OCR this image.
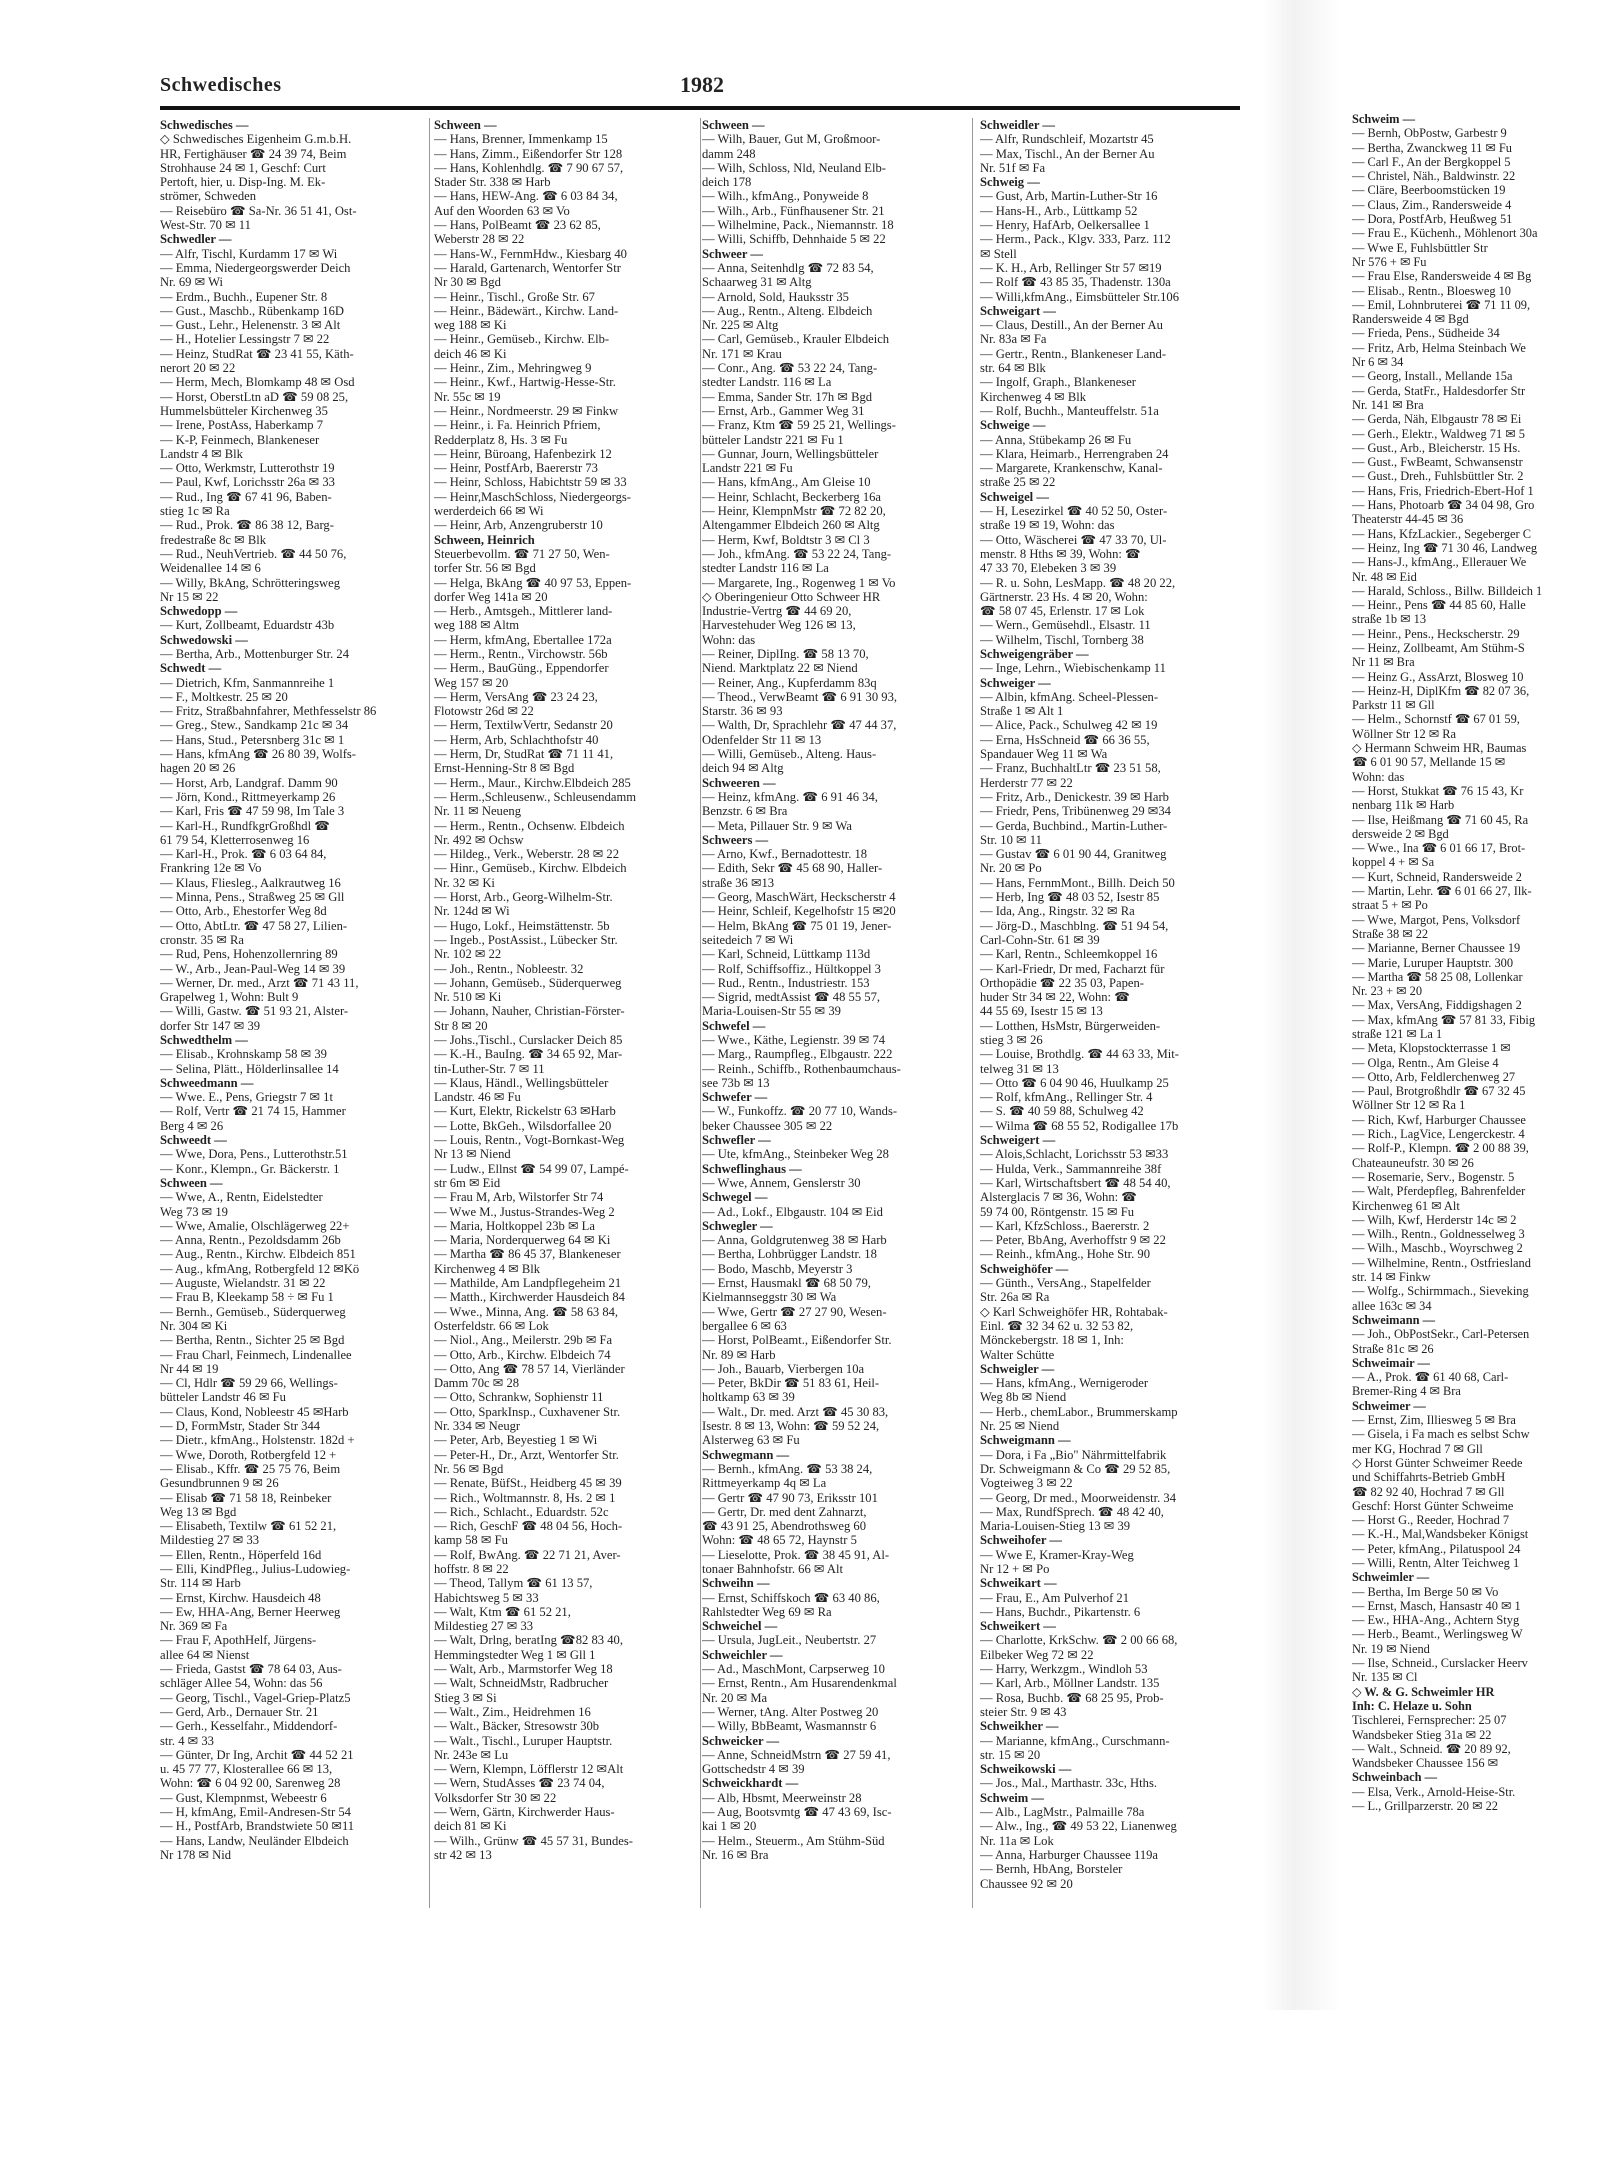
Schwedisches	1982
Schwedisches —
◇ Schwedisches Eigenheim G.m.b.H.
HR, Fertighäuser ☎ 24 39 74, Beim
Strohhause 24 ✉ 1, Geschf: Curt
Pertoft, hier, u. Disp-Ing. M. Ek-
strömer, Schweden
— Reisebüro ☎ Sa-Nr. 36 51 41, Ost-
West-Str. 70 ✉ 11
Schwedler —
— Alfr, Tischl, Kurdamm 17 ✉ Wi
— Emma, Niedergeorgswerder Deich
Nr. 69 ✉ Wi
— Erdm., Buchh., Eupener Str. 8
— Gust., Maschb., Rübenkamp 16D
— Gust., Lehr., Helenenstr. 3 ✉ Alt
— H., Hotelier Lessingstr 7 ✉ 22
— Heinz, StudRat ☎ 23 41 55, Käth-
nerort 20 ✉ 22
— Herm, Mech, Blomkamp 48 ✉ Osd
— Horst, OberstLtn aD ☎ 59 08 25,
Hummelsbütteler Kirchenweg 35
— Irene, PostAss, Haberkamp 7
— K-P, Feinmech, Blankeneser
Landstr 4 ✉ Blk
— Otto, Werkmstr, Lutterothstr 19
— Paul, Kwf, Lorichsstr 26a ✉ 33
— Rud., Ing ☎ 67 41 96, Baben-
stieg 1c ✉ Ra
— Rud., Prok. ☎ 86 38 12, Barg-
fredestraße 8c ✉ Blk
— Rud., NeuhVertrieb. ☎ 44 50 76,
Weidenallee 14 ✉ 6
— Willy, BkAng, Schrötteringsweg
Nr 15 ✉ 22
Schwedopp —
— Kurt, Zollbeamt, Eduardstr 43b
Schwedowski —
— Bertha, Arb., Mottenburger Str. 24
Schwedt —
— Dietrich, Kfm, Sanmannreihe 1
— F., Moltkestr. 25 ✉ 20
— Fritz, Straßbahnfahrer, Methfesselstr 86
— Greg., Stew., Sandkamp 21c ✉ 34
— Hans, Stud., Petersnberg 31c ✉ 1
— Hans, kfmAng ☎ 26 80 39, Wolfs-
hagen 20 ✉ 26
— Horst, Arb, Landgraf. Damm 90
— Jörn, Kond., Rittmeyerkamp 26
— Karl, Fris ☎ 47 59 98, Im Tale 3
— Karl-H., RundfkgrGroßhdl ☎
61 79 54, Kletterrosenweg 16
— Karl-H., Prok. ☎ 6 03 64 84,
Frankring 12e ✉ Vo
— Klaus, Fliesleg., Aalkrautweg 16
— Minna, Pens., Straßweg 25 ✉ Gll
— Otto, Arb., Ehestorfer Weg 8d
— Otto, AbtLtr. ☎ 47 58 27, Lilien-
cronstr. 35 ✉ Ra
— Rud, Pens, Hohenzollernring 89
— W., Arb., Jean-Paul-Weg 14 ✉ 39
— Werner, Dr. med., Arzt ☎ 71 43 11,
Grapelweg 1, Wohn: Bult 9
— Willi, Gastw. ☎ 51 93 21, Alster-
dorfer Str 147 ✉ 39
Schwedthelm —
— Elisab., Krohnskamp 58 ✉ 39
— Selina, Plätt., Hölderlinsallee 14
Schweedmann —
— Wwe. E., Pens, Griegstr 7 ✉ 1t
— Rolf, Vertr ☎ 21 74 15, Hammer
Berg 4 ✉ 26
Schweedt —
— Wwe, Dora, Pens., Lutterothstr.51
— Konr., Klempn., Gr. Bäckerstr. 1
Schween —
— Wwe, A., Rentn, Eidelstedter
Weg 73 ✉ 19
— Wwe, Amalie, Olschlägerweg 22+
— Anna, Rentn., Pezoldsdamm 26b
— Aug., Rentn., Kirchw. Elbdeich 851
— Aug., kfmAng, Rotbergfeld 12 ✉Kö
— Auguste, Wielandstr. 31 ✉ 22
— Frau B, Kleekamp 58 ÷ ✉ Fu 1
— Bernh., Gemüseb., Süderquerweg
Nr. 304 ✉ Ki
— Bertha, Rentn., Sichter 25 ✉ Bgd
— Frau Charl, Feinmech, Lindenallee
Nr 44 ✉ 19
— Cl, Hdlr ☎ 59 29 66, Wellings-
bütteler Landstr 46 ✉ Fu
— Claus, Kond, Nobleestr 45 ✉Harb
— D, FormMstr, Stader Str 344
— Dietr., kfmAng., Holstenstr. 182d +
— Wwe, Doroth, Rotbergfeld 12 +
— Elisab., Kffr. ☎ 25 75 76, Beim
Gesundbrunnen 9 ✉ 26
— Elisab ☎ 71 58 18, Reinbeker
Weg 13 ✉ Bgd
— Elisabeth, Textilw ☎ 61 52 21,
Mildestieg 27 ✉ 33
— Ellen, Rentn., Höperfeld 16d
— Elli, KindPfleg., Julius-Ludowieg-
Str. 114 ✉ Harb
— Ernst, Kirchw. Hausdeich 48
— Ew, HHA-Ang, Berner Heerweg
Nr. 369 ✉ Fa
— Frau F, ApothHelf, Jürgens-
allee 64 ✉ Nienst
— Frieda, Gastst ☎ 78 64 03, Aus-
schläger Allee 54, Wohn: das 56
— Georg, Tischl., Vagel-Griep-Platz5
— Gerd, Arb., Dernauer Str. 21
— Gerh., Kesselfahr., Middendorf-
str. 4 ✉ 33
— Günter, Dr Ing, Archit ☎ 44 52 21
u. 45 77 77, Klosterallee 66 ✉ 13,
Wohn: ☎ 6 04 92 00, Sarenweg 28
— Gust, Klempnmst, Webeestr 6
— H, kfmAng, Emil-Andresen-Str 54
— H., PostfArb, Brandstwiete 50 ✉11
— Hans, Landw, Neuländer Elbdeich
Nr 178 ✉ Nid
Schween —
— Hans, Brenner, Immenkamp 15
— Hans, Zimm., Eißendorfer Str 128
— Hans, Kohlenhdlg. ☎ 7 90 67 57,
Stader Str. 338 ✉ Harb
— Hans, HEW-Ang. ☎ 6 03 84 34,
Auf den Woorden 63 ✉ Vo
— Hans, PolBeamt ☎ 23 62 85,
Weberstr 28 ✉ 22
— Hans-W., FernmHdw., Kiesbarg 40
— Harald, Gartenarch, Wentorfer Str
Nr 30 ✉ Bgd
— Heinr., Tischl., Große Str. 67
— Heinr., Bädewärt., Kirchw. Land-
weg 188 ✉ Ki
— Heinr., Gemüseb., Kirchw. Elb-
deich 46 ✉ Ki
— Heinr., Zim., Mehringweg 9
— Heinr., Kwf., Hartwig-Hesse-Str.
Nr. 55c ✉ 19
— Heinr., Nordmeerstr. 29 ✉ Finkw
— Heinr., i. Fa. Heinrich Pfriem,
Redderplatz 8, Hs. 3 ✉ Fu
— Heinr, Büroang, Hafenbezirk 12
— Heinr, PostfArb, Baererstr 73
— Heinr, Schloss, Habichtstr 59 ✉ 33
— Heinr,MaschSchloss, Niedergeorgs-
werderdeich 66 ✉ Wi
— Heinr, Arb, Anzengruberstr 10
Schween, Heinrich
Steuerbevollm. ☎ 71 27 50, Wen-
torfer Str. 56 ✉ Bgd
— Helga, BkAng ☎ 40 97 53, Eppen-
dorfer Weg 141a ✉ 20
— Herb., Amtsgeh., Mittlerer land-
weg 188 ✉ Altm
— Herm, kfmAng, Ebertallee 172a
— Herm., Rentn., Virchowstr. 56b
— Herm., BauGüng., Eppendorfer
Weg 157 ✉ 20
— Herm, VersAng ☎ 23 24 23,
Flotowstr 26d ✉ 22
— Herm, TextilwVertr, Sedanstr 20
— Herm, Arb, Schlachthofstr 40
— Herm, Dr, StudRat ☎ 71 11 41,
Ernst-Henning-Str 8 ✉ Bgd
— Herm., Maur., Kirchw.Elbdeich 285
— Herm.,Schleusenw., Schleusendamm
Nr. 11 ✉ Neueng
— Herm., Rentn., Ochsenw. Elbdeich
Nr. 492 ✉ Ochsw
— Hildeg., Verk., Weberstr. 28 ✉ 22
— Hinr., Gemüseb., Kirchw. Elbdeich
Nr. 32 ✉ Ki
— Horst, Arb., Georg-Wilhelm-Str.
Nr. 124d ✉ Wi
— Hugo, Lokf., Heimstättenstr. 5b
— Ingeb., PostAssist., Lübecker Str.
Nr. 102 ✉ 22
— Joh., Rentn., Nobleestr. 32
— Johann, Gemüseb., Süderquerweg
Nr. 510 ✉ Ki
— Johann, Nauher, Christian-Förster-
Str 8 ✉ 20
— Johs.,Tischl., Curslacker Deich 85
— K.-H., BauIng. ☎ 34 65 92, Mar-
tin-Luther-Str. 7 ✉ 11
— Klaus, Händl., Wellingsbütteler
Landstr. 46 ✉ Fu
— Kurt, Elektr, Rickelstr 63 ✉Harb
— Lotte, BkGeh., Wilsdorfallee 20
— Louis, Rentn., Vogt-Bornkast-Weg
Nr 13 ✉ Niend
— Ludw., Ellnst ☎ 54 99 07, Lampé-
str 6m ✉ Eid
— Frau M, Arb, Wilstorfer Str 74
— Wwe M., Justus-Strandes-Weg 2
— Maria, Holtkoppel 23b ✉ La
— Maria, Norderquerweg 64 ✉ Ki
— Martha ☎ 86 45 37, Blankeneser
Kirchenweg 4 ✉ Blk
— Mathilde, Am Landpflegeheim 21
— Matth., Kirchwerder Hausdeich 84
— Wwe., Minna, Ang. ☎ 58 63 84,
Osterfeldstr. 66 ✉ Lok
— Niol., Ang., Meilerstr. 29b ✉ Fa
— Otto, Arb., Kirchw. Elbdeich 74
— Otto, Ang ☎ 78 57 14, Vierländer
Damm 70c ✉ 28
— Otto, Schrankw, Sophienstr 11
— Otto, SparkInsp., Cuxhavener Str.
Nr. 334 ✉ Neugr
— Peter, Arb, Beyestieg 1 ✉ Wi
— Peter-H., Dr., Arzt, Wentorfer Str.
Nr. 56 ✉ Bgd
— Renate, BüfSt., Heidberg 45 ✉ 39
— Rich., Woltmannstr. 8, Hs. 2 ✉ 1
— Rich., Schlacht., Eduardstr. 52c
— Rich, GeschF ☎ 48 04 56, Hoch-
kamp 58 ✉ Fu
— Rolf, BwAng. ☎ 22 71 21, Aver-
hoffstr. 8 ✉ 22
— Theod, Tallym ☎ 61 13 57,
Habichtsweg 5 ✉ 33
— Walt, Ktm ☎ 61 52 21,
Mildestieg 27 ✉ 33
— Walt, Drlng, beratIng ☎82 83 40,
Hemmingstedter Weg 1 ✉ Gll 1
— Walt, Arb., Marmstorfer Weg 18
— Walt, SchneidMstr, Radbrucher
Stieg 3 ✉ Si
— Walt., Zim., Heidrehmen 16
— Walt., Bäcker, Stresowstr 30b
— Walt., Tischl., Luruper Hauptstr.
Nr. 243e ✉ Lu
— Wern, Klempn, Löfflerstr 12 ✉Alt
— Wern, StudAsses ☎ 23 74 04,
Volksdorfer Str 30 ✉ 22
— Wern, Gärtn, Kirchwerder Haus-
deich 81 ✉ Ki
— Wilh., Grünw ☎ 45 57 31, Bundes-
str 42 ✉ 13
Schween —
— Wilh, Bauer, Gut M, Großmoor-
damm 248
— Wilh, Schloss, Nld, Neuland Elb-
deich 178
— Wilh., kfmAng., Ponyweide 8
— Wilh., Arb., Fünfhausener Str. 21
— Wilhelmine, Pack., Niemannstr. 18
— Willi, Schiffb, Dehnhaide 5 ✉ 22
Schweer —
— Anna, Seitenhdlg ☎ 72 83 54,
Schaarweg 31 ✉ Altg
— Arnold, Sold, Hauksstr 35
— Aug., Rentn., Alteng. Elbdeich
Nr. 225 ✉ Altg
— Carl, Gemüseb., Krauler Elbdeich
Nr. 171 ✉ Krau
— Conr., Ang. ☎ 53 22 24, Tang-
stedter Landstr. 116 ✉ La
— Emma, Sander Str. 17h ✉ Bgd
— Ernst, Arb., Gammer Weg 31
— Franz, Ktm ☎ 59 25 21, Wellings-
bütteler Landstr 221 ✉ Fu 1
— Gunnar, Journ, Wellingsbütteler
Landstr 221 ✉ Fu
— Hans, kfmAng., Am Gleise 10
— Heinr, Schlacht, Beckerberg 16a
— Heinr, KlempnMstr ☎ 72 82 20,
Altengammer Elbdeich 260 ✉ Altg
— Herm, Kwf, Boldtstr 3 ✉ Cl 3
— Joh., kfmAng. ☎ 53 22 24, Tang-
stedter Landstr 116 ✉ La
— Margarete, Ing., Rogenweg 1 ✉ Vo
◇ Oberingenieur Otto Schweer HR
Industrie-Vertrg ☎ 44 69 20,
Harvestehuder Weg 126 ✉ 13,
Wohn: das
— Reiner, DiplIng. ☎ 58 13 70,
Niend. Marktplatz 22 ✉ Niend
— Reiner, Ang., Kupferdamm 83q
— Theod., VerwBeamt ☎ 6 91 30 93,
Starstr. 36 ✉ 93
— Walth, Dr, Sprachlehr ☎ 47 44 37,
Odenfelder Str 11 ✉ 13
— Willi, Gemüseb., Alteng. Haus-
deich 94 ✉ Altg
Schweeren —
— Heinz, kfmAng. ☎ 6 91 46 34,
Benzstr. 6 ✉ Bra
— Meta, Pillauer Str. 9 ✉ Wa
Schweers —
— Arno, Kwf., Bernadottestr. 18
— Edith, Sekr ☎ 45 68 90, Haller-
straße 36 ✉13
— Georg, MaschWärt, Heckscherstr 4
— Heinr, Schleif, Kegelhofstr 15 ✉20
— Helm, BkAng ☎ 75 01 19, Jener-
seitedeich 7 ✉ Wi
— Karl, Schneid, Lüttkamp 113d
— Rolf, Schiffsoffiz., Hültkoppel 3
— Rud., Rentn., Industriestr. 153
— Sigrid, medtAssist ☎ 48 55 57,
Maria-Louisen-Str 55 ✉ 39
Schwefel —
— Wwe., Käthe, Legienstr. 39 ✉ 74
— Marg., Raumpfleg., Elbgaustr. 222
— Reinh., Schiffb., Rothenbaumchaus-
see 73b ✉ 13
Schwefer —
— W., Funkoffz. ☎ 20 77 10, Wands-
beker Chaussee 305 ✉ 22
Schwefler —
— Ute, kfmAng., Steinbeker Weg 28
Schweflinghaus —
— Wwe, Annem, Genslerstr 30
Schwegel —
— Ad., Lokf., Elbgaustr. 104 ✉ Eid
Schwegler —
— Anna, Goldgrutenweg 38 ✉ Harb
— Bertha, Lohbrügger Landstr. 18
— Bodo, Maschb, Meyerstr 3
— Ernst, Hausmakl ☎ 68 50 79,
Kielmannseggstr 30 ✉ Wa
— Wwe, Gertr ☎ 27 27 90, Wesen-
bergallee 6 ✉ 63
— Horst, PolBeamt., Eißendorfer Str.
Nr. 89 ✉ Harb
— Joh., Bauarb, Vierbergen 10a
— Peter, BkDir ☎ 51 83 61, Heil-
holtkamp 63 ✉ 39
— Walt., Dr. med. Arzt ☎ 45 30 83,
Isestr. 8 ✉ 13, Wohn: ☎ 59 52 24,
Alsterweg 63 ✉ Fu
Schwegmann —
— Bernh., kfmAng. ☎ 53 38 24,
Rittmeyerkamp 4q ✉ La
— Gertr ☎ 47 90 73, Eriksstr 101
— Gertr, Dr. med dent Zahnarzt,
☎ 43 91 25, Abendrothsweg 60
Wohn: ☎ 48 65 72, Haynstr 5
— Lieselotte, Prok. ☎ 38 45 91, Al-
tonaer Bahnhofstr. 66 ✉ Alt
Schweihn —
— Ernst, Schiffskoch ☎ 63 40 86,
Rahlstedter Weg 69 ✉ Ra
Schweichel —
— Ursula, JugLeit., Neubertstr. 27
Schweichler —
— Ad., MaschMont, Carpserweg 10
— Ernst, Rentn., Am Husarendenkmal
Nr. 20 ✉ Ma
— Werner, tAng. Alter Postweg 20
— Willy, BbBeamt, Wasmannstr 6
Schweicker —
— Anne, SchneidMstrn ☎ 27 59 41,
Gottschedstr 4 ✉ 39
Schweickhardt —
— Alb, Hbsmt, Meerweinstr 28
— Aug, Bootsvmtg ☎ 47 43 69, Isc-
kai 1 ✉ 20
— Helm., Steuerm., Am Stühm-Süd
Nr. 16 ✉ Bra
Schweidler —
— Alfr, Rundschleif, Mozartstr 45
— Max, Tischl., An der Berner Au
Nr. 51f ✉ Fa
Schweig —
— Gust, Arb, Martin-Luther-Str 16
— Hans-H., Arb., Lüttkamp 52
— Henry, HafArb, Oelkersallee 1
— Herm., Pack., Klgv. 333, Parz. 112
✉ Stell
— K. H., Arb, Rellinger Str 57 ✉19
— Rolf ☎ 43 85 35, Thadenstr. 130a
— Willi,kfmAng., Eimsbütteler Str.106
Schweigart —
— Claus, Destill., An der Berner Au
Nr. 83a ✉ Fa
— Gertr., Rentn., Blankeneser Land-
str. 64 ✉ Blk
— Ingolf, Graph., Blankeneser
Kirchenweg 4 ✉ Blk
— Rolf, Buchh., Manteuffelstr. 51a
Schweige —
— Anna, Stübekamp 26 ✉ Fu
— Klara, Heimarb., Herrengraben 24
— Margarete, Krankenschw, Kanal-
straße 25 ✉ 22
Schweigel —
— H, Lesezirkel ☎ 40 52 50, Oster-
straße 19 ✉ 19, Wohn: das
— Otto, Wäscherei ☎ 47 33 70, Ul-
menstr. 8 Hths ✉ 39, Wohn: ☎
47 33 70, Elebeken 3 ✉ 39
— R. u. Sohn, LesMapp. ☎ 48 20 22,
Gärtnerstr. 23 Hs. 4 ✉ 20, Wohn:
☎ 58 07 45, Erlenstr. 17 ✉ Lok
— Wern., Gemüsehdl., Elsastr. 11
— Wilhelm, Tischl, Tornberg 38
Schweigengräber —
— Inge, Lehrn., Wiebischenkamp 11
Schweiger —
— Albin, kfmAng. Scheel-Plessen-
Straße 1 ✉ Alt 1
— Alice, Pack., Schulweg 42 ✉ 19
— Erna, HsSchneid ☎ 66 36 55,
Spandauer Weg 11 ✉ Wa
— Franz, BuchhaltLtr ☎ 23 51 58,
Herderstr 77 ✉ 22
— Fritz, Arb., Denickestr. 39 ✉ Harb
— Friedr, Pens, Tribünenweg 29 ✉34
— Gerda, Buchbind., Martin-Luther-
Str. 10 ✉ 11
— Gustav ☎ 6 01 90 44, Granitweg
Nr. 20 ✉ Po
— Hans, FernmMont., Billh. Deich 50
— Herb, Ing ☎ 48 03 52, Isestr 85
— Ida, Ang., Ringstr. 32 ✉ Ra
— Jörg-D., Maschblng. ☎ 51 94 54,
Carl-Cohn-Str. 61 ✉ 39
— Karl, Rentn., Schleemkoppel 16
— Karl-Friedr, Dr med, Facharzt für
Orthopädie ☎ 22 35 03, Papen-
huder Str 34 ✉ 22, Wohn: ☎
44 55 69, Isestr 15 ✉ 13
— Lotthen, HsMstr, Bürgerweiden-
stieg 3 ✉ 26
— Louise, Brothdlg. ☎ 44 63 33, Mit-
telweg 31 ✉ 13
— Otto ☎ 6 04 90 46, Huulkamp 25
— Rolf, kfmAng., Rellinger Str. 4
— S. ☎ 40 59 88, Schulweg 42
— Wilma ☎ 68 55 52, Rodigallee 17b
Schweigert —
— Alois,Schlacht, Lorichsstr 53 ✉33
— Hulda, Verk., Sammannreihe 38f
— Karl, Wirtschaftsbert ☎ 48 54 40,
Alsterglacis 7 ✉ 36, Wohn: ☎
59 74 00, Röntgenstr. 15 ✉ Fu
— Karl, KfzSchloss., Baererstr. 2
— Peter, BbAng, Averhoffstr 9 ✉ 22
— Reinh., kfmAng., Hohe Str. 90
Schweighöfer —
— Günth., VersAng., Stapelfelder
Str. 26a ✉ Ra
◇ Karl Schweighöfer HR, Rohtabak-
Einl. ☎ 32 34 62 u. 32 53 82,
Mönckebergstr. 18 ✉ 1, Inh:
Walter Schütte
Schweigler —
— Hans, kfmAng., Wernigeroder
Weg 8b ✉ Niend
— Herb., chemLabor., Brummerskamp
Nr. 25 ✉ Niend
Schweigmann —
— Dora, i Fa „Bio" Nährmittelfabrik
Dr. Schweigmann & Co ☎ 29 52 85,
Vogteiweg 3 ✉ 22
— Georg, Dr med., Moorweidenstr. 34
— Max, RundfSprech. ☎ 48 42 40,
Maria-Louisen-Stieg 13 ✉ 39
Schweihofer —
— Wwe E, Kramer-Kray-Weg
Nr 12 + ✉ Po
Schweikart —
— Frau, E., Am Pulverhof 21
— Hans, Buchdr., Pikartenstr. 6
Schweikert —
— Charlotte, KrkSchw. ☎ 2 00 66 68,
Eilbeker Weg 72 ✉ 22
— Harry, Werkzgm., Windloh 53
— Karl, Arb., Möllner Landstr. 135
— Rosa, Buchb. ☎ 68 25 95, Prob-
steier Str. 9 ✉ 43
Schweikher —
— Marianne, kfmAng., Curschmann-
str. 15 ✉ 20
Schweikowski —
— Jos., Mal., Marthastr. 33c, Hths.
Schweim —
— Alb., LagMstr., Palmaille 78a
— Alw., Ing., ☎ 49 53 22, Lianenweg
Nr. 11a ✉ Lok
— Anna, Harburger Chaussee 119a
— Bernh, HbAng, Borsteler
Chaussee 92 ✉ 20
Schweim —
— Bernh, ObPostw, Garbestr 9
— Bertha, Zwanckweg 11 ✉ Fu
— Carl F., An der Bergkoppel 5
— Christel, Näh., Baldwinstr. 22
— Cläre, Beerboomstücken 19
— Claus, Zim., Randersweide 4
— Dora, PostfArb, Heußweg 51
— Frau E., Küchenh., Möhlenort 30a
— Wwe E, Fuhlsbüttler Str
Nr 576 + ✉ Fu
— Frau Else, Randersweide 4 ✉ Bg
— Elisab., Rentn., Bloesweg 10
— Emil, Lohnbruterei ☎ 71 11 09,
Randersweide 4 ✉ Bgd
— Frieda, Pens., Südheide 34
— Fritz, Arb, Helma Steinbach We
Nr 6 ✉ 34
— Georg, Install., Mellande 15a
— Gerda, StatFr., Haldesdorfer Str
Nr. 141 ✉ Bra
— Gerda, Näh, Elbgaustr 78 ✉ Ei
— Gerh., Elektr., Waldweg 71 ✉ 5
— Gust., Arb., Bleicherstr. 15 Hs.
— Gust., FwBeamt, Schwansenstr
— Gust., Dreh., Fuhlsbüttler Str. 2
— Hans, Fris, Friedrich-Ebert-Hof 1
— Hans, Photoarb ☎ 34 04 98, Gro
Theaterstr 44-45 ✉ 36
— Hans, KfzLackier., Segeberger C
— Heinz, Ing ☎ 71 30 46, Landweg
— Hans-J., kfmAng., Ellerauer We
Nr. 48 ✉ Eid
— Harald, Schloss., Billw. Billdeich 1
— Heinr., Pens ☎ 44 85 60, Halle
straße 1b ✉ 13
— Heinr., Pens., Heckscherstr. 29
— Heinz, Zollbeamt, Am Stühm-S
Nr 11 ✉ Bra
— Heinz G., AssArzt, Blosweg 10
— Heinz-H, DiplKfm ☎ 82 07 36,
Parkstr 11 ✉ Gll
— Helm., Schornstf ☎ 67 01 59,
Wöllner Str 12 ✉ Ra
◇ Hermann Schweim HR, Baumas
☎ 6 01 90 57, Mellande 15 ✉
Wohn: das
— Horst, Stukkat ☎ 76 15 43, Kr
nenbarg 11k ✉ Harb
— Ilse, Heißmang ☎ 71 60 45, Ra
dersweide 2 ✉ Bgd
— Wwe., Ina ☎ 6 01 66 17, Brot-
koppel 4 + ✉ Sa
— Kurt, Schneid, Randersweide 2
— Martin, Lehr. ☎ 6 01 66 27, Ilk-
straat 5 + ✉ Po
— Wwe, Margot, Pens, Volksdorf
Straße 38 ✉ 22
— Marianne, Berner Chaussee 19
— Marie, Luruper Hauptstr. 300
— Martha ☎ 58 25 08, Lollenkar
Nr. 23 + ✉ 20
— Max, VersAng, Fiddigshagen 2
— Max, kfmAng ☎ 57 81 33, Fibig
straße 121 ✉ La 1
— Meta, Klopstockterrasse 1 ✉
— Olga, Rentn., Am Gleise 4
— Otto, Arb, Feldlerchenweg 27
— Paul, Brotgroßhdlr ☎ 67 32 45
Wöllner Str 12 ✉ Ra 1
— Rich, Kwf, Harburger Chaussee
— Rich., LagVice, Lengerckestr. 4
— Rolf-P., Klempn. ☎ 2 00 88 39,
Chateauneufstr. 30 ✉ 26
— Rosemarie, Serv., Bogenstr. 5
— Walt, Pferdepfleg, Bahrenfelder
Kirchenweg 61 ✉ Alt
— Wilh, Kwf, Herderstr 14c ✉ 2
— Wilh., Rentn., Goldnesselweg 3
— Wilh., Maschb., Woyrschweg 2
— Wilhelmine, Rentn., Ostfriesland
str. 14 ✉ Finkw
— Wolfg., Schirmmach., Sieveking
allee 163c ✉ 34
Schweimann —
— Joh., ObPostSekr., Carl-Petersen
Straße 81c ✉ 26
Schweimair —
— A., Prok. ☎ 61 40 68, Carl-
Bremer-Ring 4 ✉ Bra
Schweimer —
— Ernst, Zim, Illiesweg 5 ✉ Bra
— Gisela, i Fa mach es selbst Schw
mer KG, Hochrad 7 ✉ Gll
◇ Horst Günter Schweimer Reede
und Schiffahrts-Betrieb GmbH
☎ 82 92 40, Hochrad 7 ✉ Gll
Geschf: Horst Günter Schweime
— Horst G., Reeder, Hochrad 7
— K.-H., Mal,Wandsbeker Königst
— Peter, kfmAng., Pilatuspool 24
— Willi, Rentn, Alter Teichweg 1
Schweimler —
— Bertha, Im Berge 50 ✉ Vo
— Ernst, Masch, Hansastr 40 ✉ 1
— Ew., HHA-Ang., Achtern Styg
— Herb., Beamt., Werlingsweg W
Nr. 19 ✉ Niend
— Ilse, Schneid., Curslacker Heerv
Nr. 135 ✉ Cl
◇ W. & G. Schweimler HR
Inh: C. Helaze u. Sohn
Tischlerei, Fernsprecher: 25 07
Wandsbeker Stieg 31a ✉ 22
— Walt., Schneid. ☎ 20 89 92,
Wandsbeker Chaussee 156 ✉
Schweinbach —
— Elsa, Verk., Arnold-Heise-Str.
— L., Grillparzerstr. 20 ✉ 22
